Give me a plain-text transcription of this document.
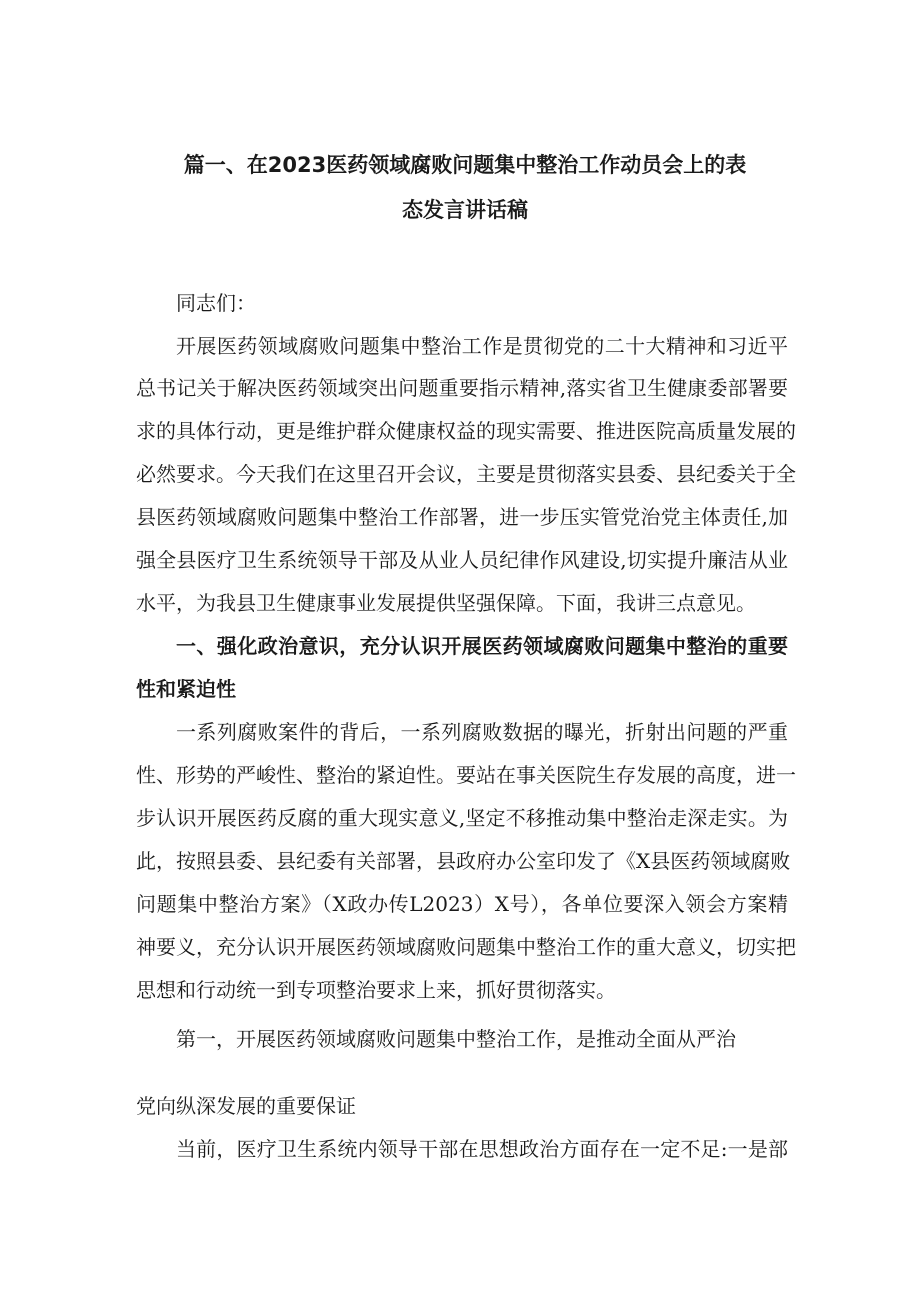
篇一、在2023医药领域腐败问题集中整治工作动员会上的表
态发言讲话稿
同志们：
开展医药领域腐败问题集中整治工作是贯彻党的二十大精神和习近平
总书记关于解决医药领域突出问题重要指示精神,落实省卫生健康委部署要
求的具体行动，更是维护群众健康权益的现实需要、推进医院高质量发展的
必然要求。今天我们在这里召开会议，主要是贯彻落实县委、县纪委关于全
县医药领域腐败问题集中整治工作部署，进一步压实管党治党主体责任,加
强全县医疗卫生系统领导干部及从业人员纪律作风建设,切实提升廉洁从业
水平，为我县卫生健康事业发展提供坚强保障。下面，我讲三点意见。
一、强化政治意识，充分认识开展医药领域腐败问题集中整治的重要
性和紧迫性
一系列腐败案件的背后，一系列腐败数据的曝光，折射出问题的严重
性、形势的严峻性、整治的紧迫性。要站在事关医院生存发展的高度，进一
步认识开展医药反腐的重大现实意义,坚定不移推动集中整治走深走实。为
此，按照县委、县纪委有关部署，县政府办公室印发了《X县医药领域腐败
问题集中整治方案》（X政办传L2023）X号），各单位要深入领会方案精
神要义，充分认识开展医药领域腐败问题集中整治工作的重大意义，切实把
思想和行动统一到专项整治要求上来，抓好贯彻落实。
第一，开展医药领域腐败问题集中整治工作，是推动全面从严治
党向纵深发展的重要保证
当前，医疗卫生系统内领导干部在思想政治方面存在一定不足:一是部
